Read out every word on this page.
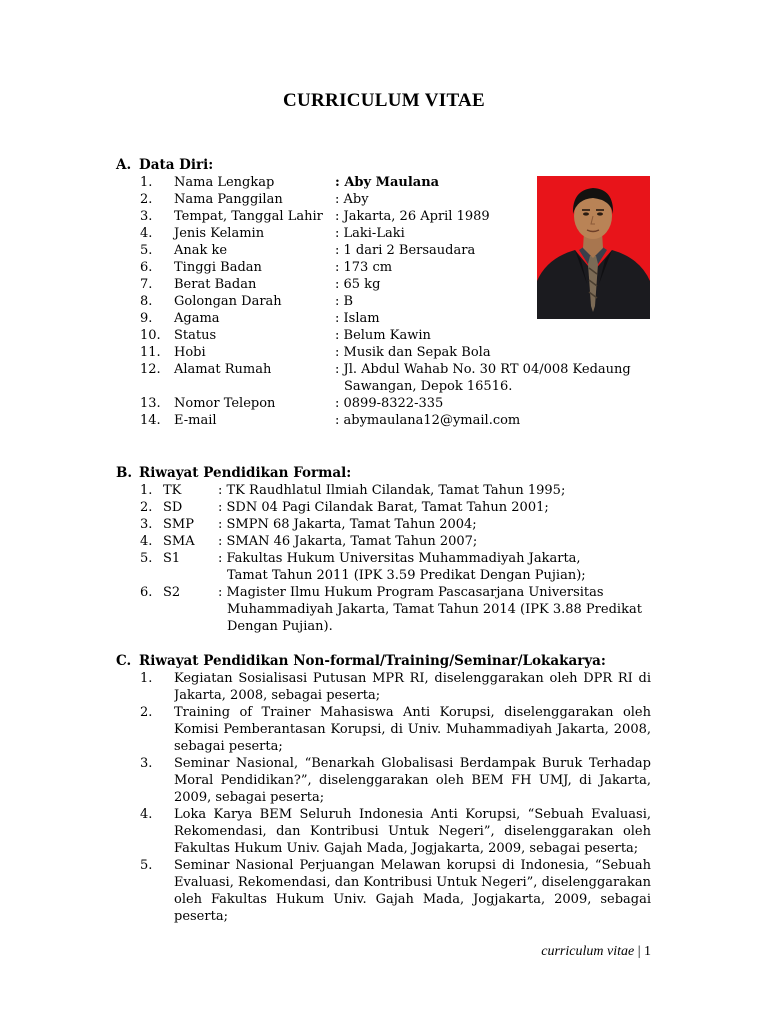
CURRICULUM VITAE
A. Data Diri:
1. Nama Lengkap	: Aby Maulana
2. Nama Panggilan	: Aby
3. Tempat, Tanggal Lahir : Jakarta, 26 April 1989
4. Jenis Kelamin	: Laki-Laki
5. Anak ke	: 1 dari 2 Bersaudara
6. Tinggi Badan	: 173 cm
7. Berat Badan	: 65 kg
8. Golongan Darah	: B
9. Agama	: Islam
10. Status	: Belum Kawin
11. Hobi	: Musik dan Sepak Bola
12. Alamat Rumah	: Jl. Abdul Wahab No. 30 RT 04/008 Kedaung
Sawangan, Depok 16516.
13. Nomor Telepon	: 0899-8322-335
14. E-mail	: abymaulana12@ymail.com
B. Riwayat Pendidikan Formal:
1. TK	: TK Raudhlatul Ilmiah Cilandak, Tamat Tahun 1995;
2. SD	: SDN 04 Pagi Cilandak Barat, Tamat Tahun 2001;
3. SMP : SMPN 68 Jakarta, Tamat Tahun 2004;
4. SMA : SMAN 46 Jakarta, Tamat Tahun 2007;
5. S1	: Fakultas Hukum Universitas Muhammadiyah Jakarta,
Tamat Tahun 2011 (IPK 3.59 Predikat Dengan Pujian);
6. S2	: Magister Ilmu Hukum Program Pascasarjana Universitas
Muhammadiyah Jakarta, Tamat Tahun 2014 (IPK 3.88 Predikat
Dengan Pujian).
C. Riwayat Pendidikan Non-formal/Training/Seminar/Lokakarya:
1. Kegiatan Sosialisasi Putusan MPR RI, diselenggarakan oleh DPR RI di
Jakarta, 2008, sebagai peserta;
2. Training of Trainer Mahasiswa Anti Korupsi, diselenggarakan oleh
Komisi Pemberantasan Korupsi, di Univ. Muhammadiyah Jakarta, 2008,
sebagai peserta;
3. Seminar Nasional, “Benarkah Globalisasi Berdampak Buruk Terhadap
Moral Pendidikan?”, diselenggarakan oleh BEM FH UMJ, di Jakarta,
2009, sebagai peserta;
4. Loka Karya BEM Seluruh Indonesia Anti Korupsi, “Sebuah Evaluasi,
Rekomendasi, dan Kontribusi Untuk Negeri”, diselenggarakan oleh
Fakultas Hukum Univ. Gajah Mada, Jogjakarta, 2009, sebagai peserta;
5. Seminar Nasional Perjuangan Melawan korupsi di Indonesia, “Sebuah
Evaluasi, Rekomendasi, dan Kontribusi Untuk Negeri”, diselenggarakan
oleh Fakultas Hukum Univ. Gajah Mada, Jogjakarta, 2009, sebagai
peserta;
curriculum vitae | 1
